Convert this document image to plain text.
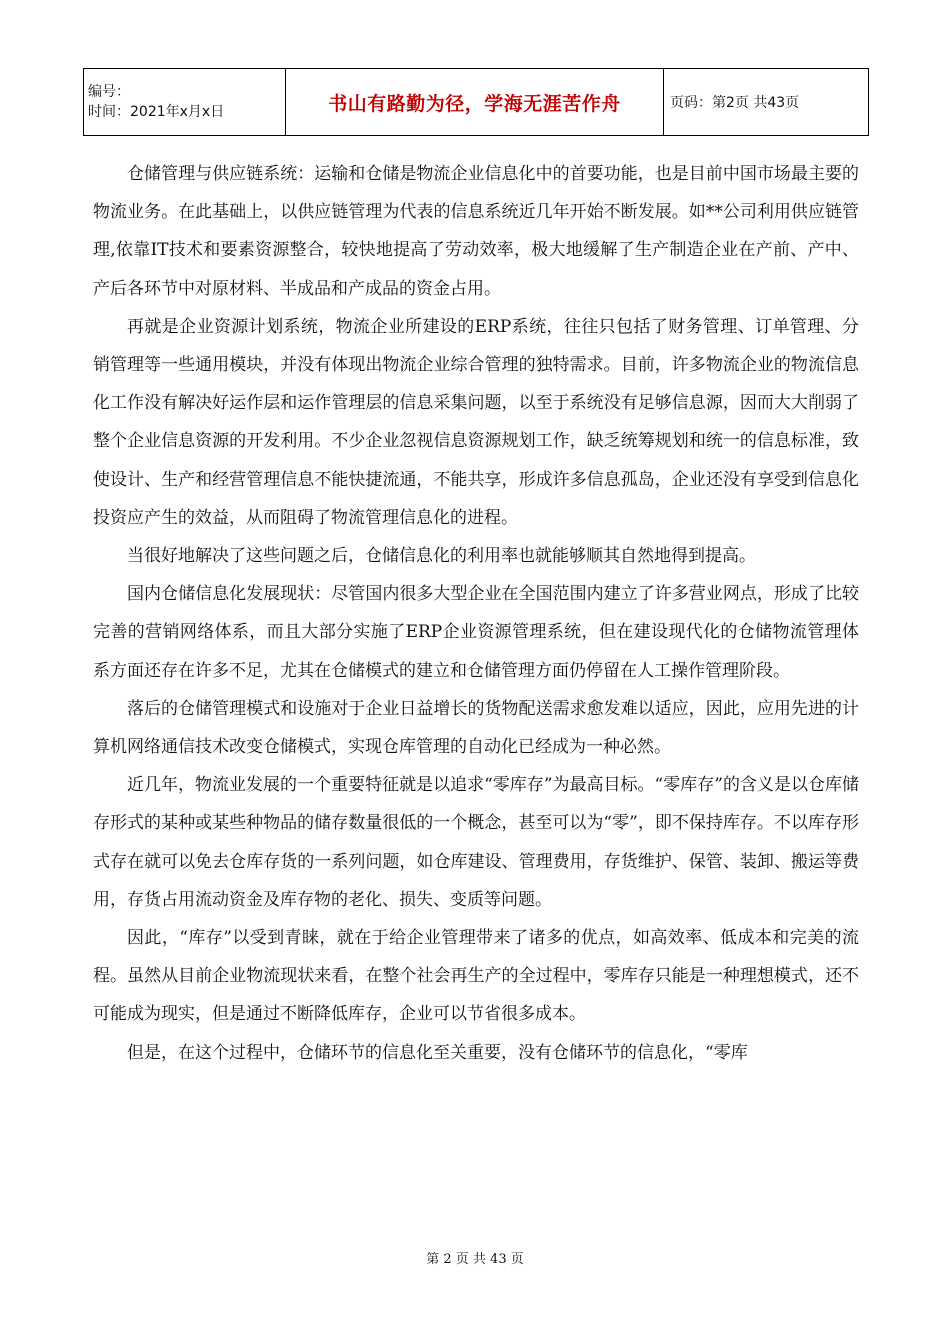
编号：
时间：2021年x月x日	书山有路勤为径，学海无涯苦作舟	页码：第2页 共43页

仓储管理与供应链系统：运输和仓储是物流企业信息化中的首要功能，也是目前中国市场最主要的物流业务。在此基础上，以供应链管理为代表的信息系统近几年开始不断发展。如**公司利用供应链管理,依靠IT技术和要素资源整合，较快地提高了劳动效率，极大地缓解了生产制造企业在产前、产中、产后各环节中对原材料、半成品和产成品的资金占用。

再就是企业资源计划系统，物流企业所建设的ERP系统，往往只包括了财务管理、订单管理、分销管理等一些通用模块，并没有体现出物流企业综合管理的独特需求。目前，许多物流企业的物流信息化工作没有解决好运作层和运作管理层的信息采集问题，以至于系统没有足够信息源，因而大大削弱了整个企业信息资源的开发利用。不少企业忽视信息资源规划工作，缺乏统筹规划和统一的信息标准，致使设计、生产和经营管理信息不能快捷流通，不能共享，形成许多信息孤岛，企业还没有享受到信息化投资应产生的效益，从而阻碍了物流管理信息化的进程。

当很好地解决了这些问题之后，仓储信息化的利用率也就能够顺其自然地得到提高。

国内仓储信息化发展现状：尽管国内很多大型企业在全国范围内建立了许多营业网点，形成了比较完善的营销网络体系，而且大部分实施了ERP企业资源管理系统，但在建设现代化的仓储物流管理体系方面还存在许多不足，尤其在仓储模式的建立和仓储管理方面仍停留在人工操作管理阶段。

落后的仓储管理模式和设施对于企业日益增长的货物配送需求愈发难以适应，因此，应用先进的计算机网络通信技术改变仓储模式，实现仓库管理的自动化已经成为一种必然。

近几年，物流业发展的一个重要特征就是以追求“零库存”为最高目标。“零库存”的含义是以仓库储存形式的某种或某些种物品的储存数量很低的一个概念，甚至可以为“零”，即不保持库存。不以库存形式存在就可以免去仓库存货的一系列问题，如仓库建设、管理费用，存货维护、保管、装卸、搬运等费用，存货占用流动资金及库存物的老化、损失、变质等问题。

因此，“库存”以受到青睐，就在于给企业管理带来了诸多的优点，如高效率、低成本和完美的流程。虽然从目前企业物流现状来看，在整个社会再生产的全过程中，零库存只能是一种理想模式，还不可能成为现实，但是通过不断降低库存，企业可以节省很多成本。

但是，在这个过程中，仓储环节的信息化至关重要，没有仓储环节的信息化，“零库

第 2 页 共 43 页
